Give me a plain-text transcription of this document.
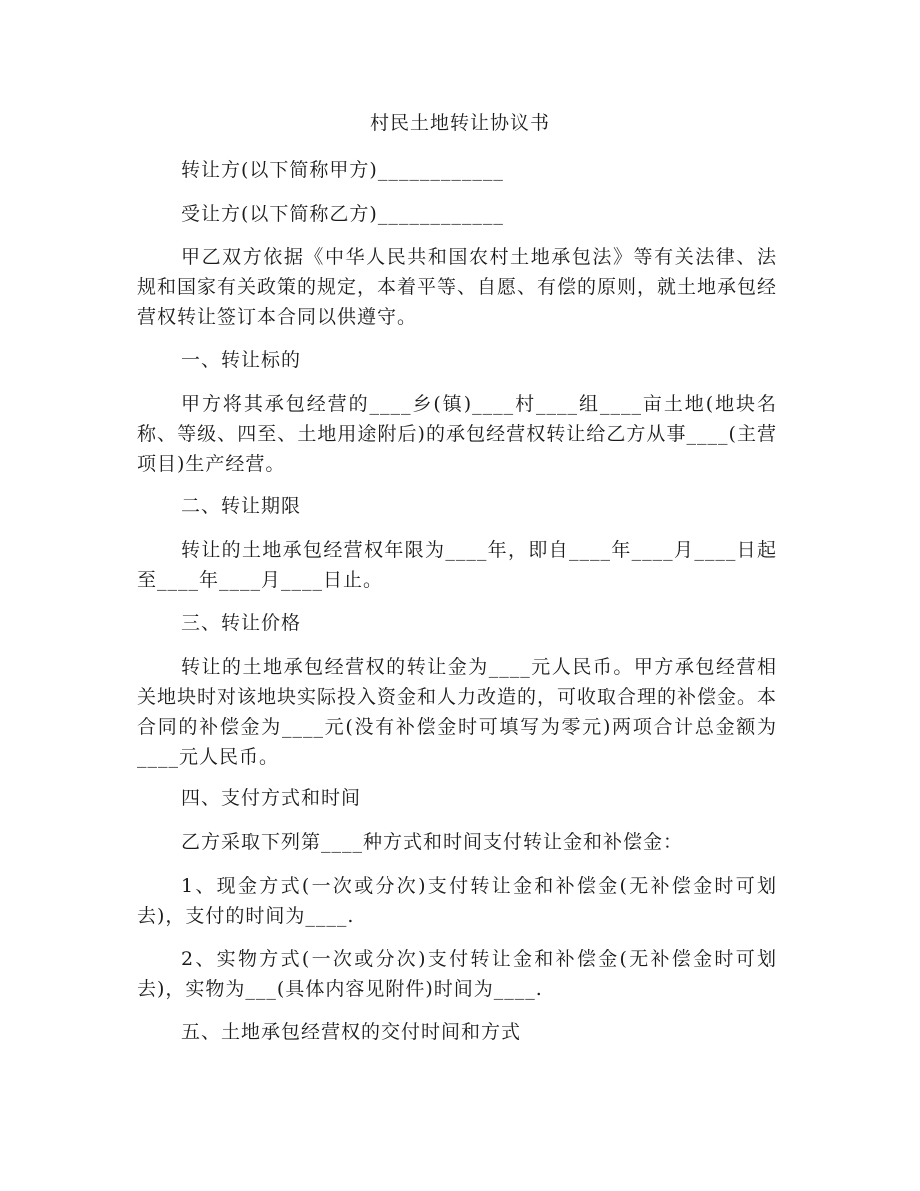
村民土地转让协议书
转让方(以下简称甲方)____________
受让方(以下简称乙方)____________
甲乙双方依据《中华人民共和国农村土地承包法》等有关法律、法规和国家有关政策的规定，本着平等、自愿、有偿的原则，就土地承包经营权转让签订本合同以供遵守。
一、转让标的
甲方将其承包经营的____乡(镇)____村____组____亩土地(地块名称、等级、四至、土地用途附后)的承包经营权转让给乙方从事____(主营项目)生产经营。
二、转让期限
转让的土地承包经营权年限为____年，即自____年____月____日起至____年____月____日止。
三、转让价格
转让的土地承包经营权的转让金为____元人民币。甲方承包经营相关地块时对该地块实际投入资金和人力改造的，可收取合理的补偿金。本合同的补偿金为____元(没有补偿金时可填写为零元)两项合计总金额为____元人民币。
四、支付方式和时间
乙方采取下列第____种方式和时间支付转让金和补偿金：
1、现金方式(一次或分次)支付转让金和补偿金(无补偿金时可划去)，支付的时间为____.
2、实物方式(一次或分次)支付转让金和补偿金(无补偿金时可划去)，实物为___(具体内容见附件)时间为____.
五、土地承包经营权的交付时间和方式
